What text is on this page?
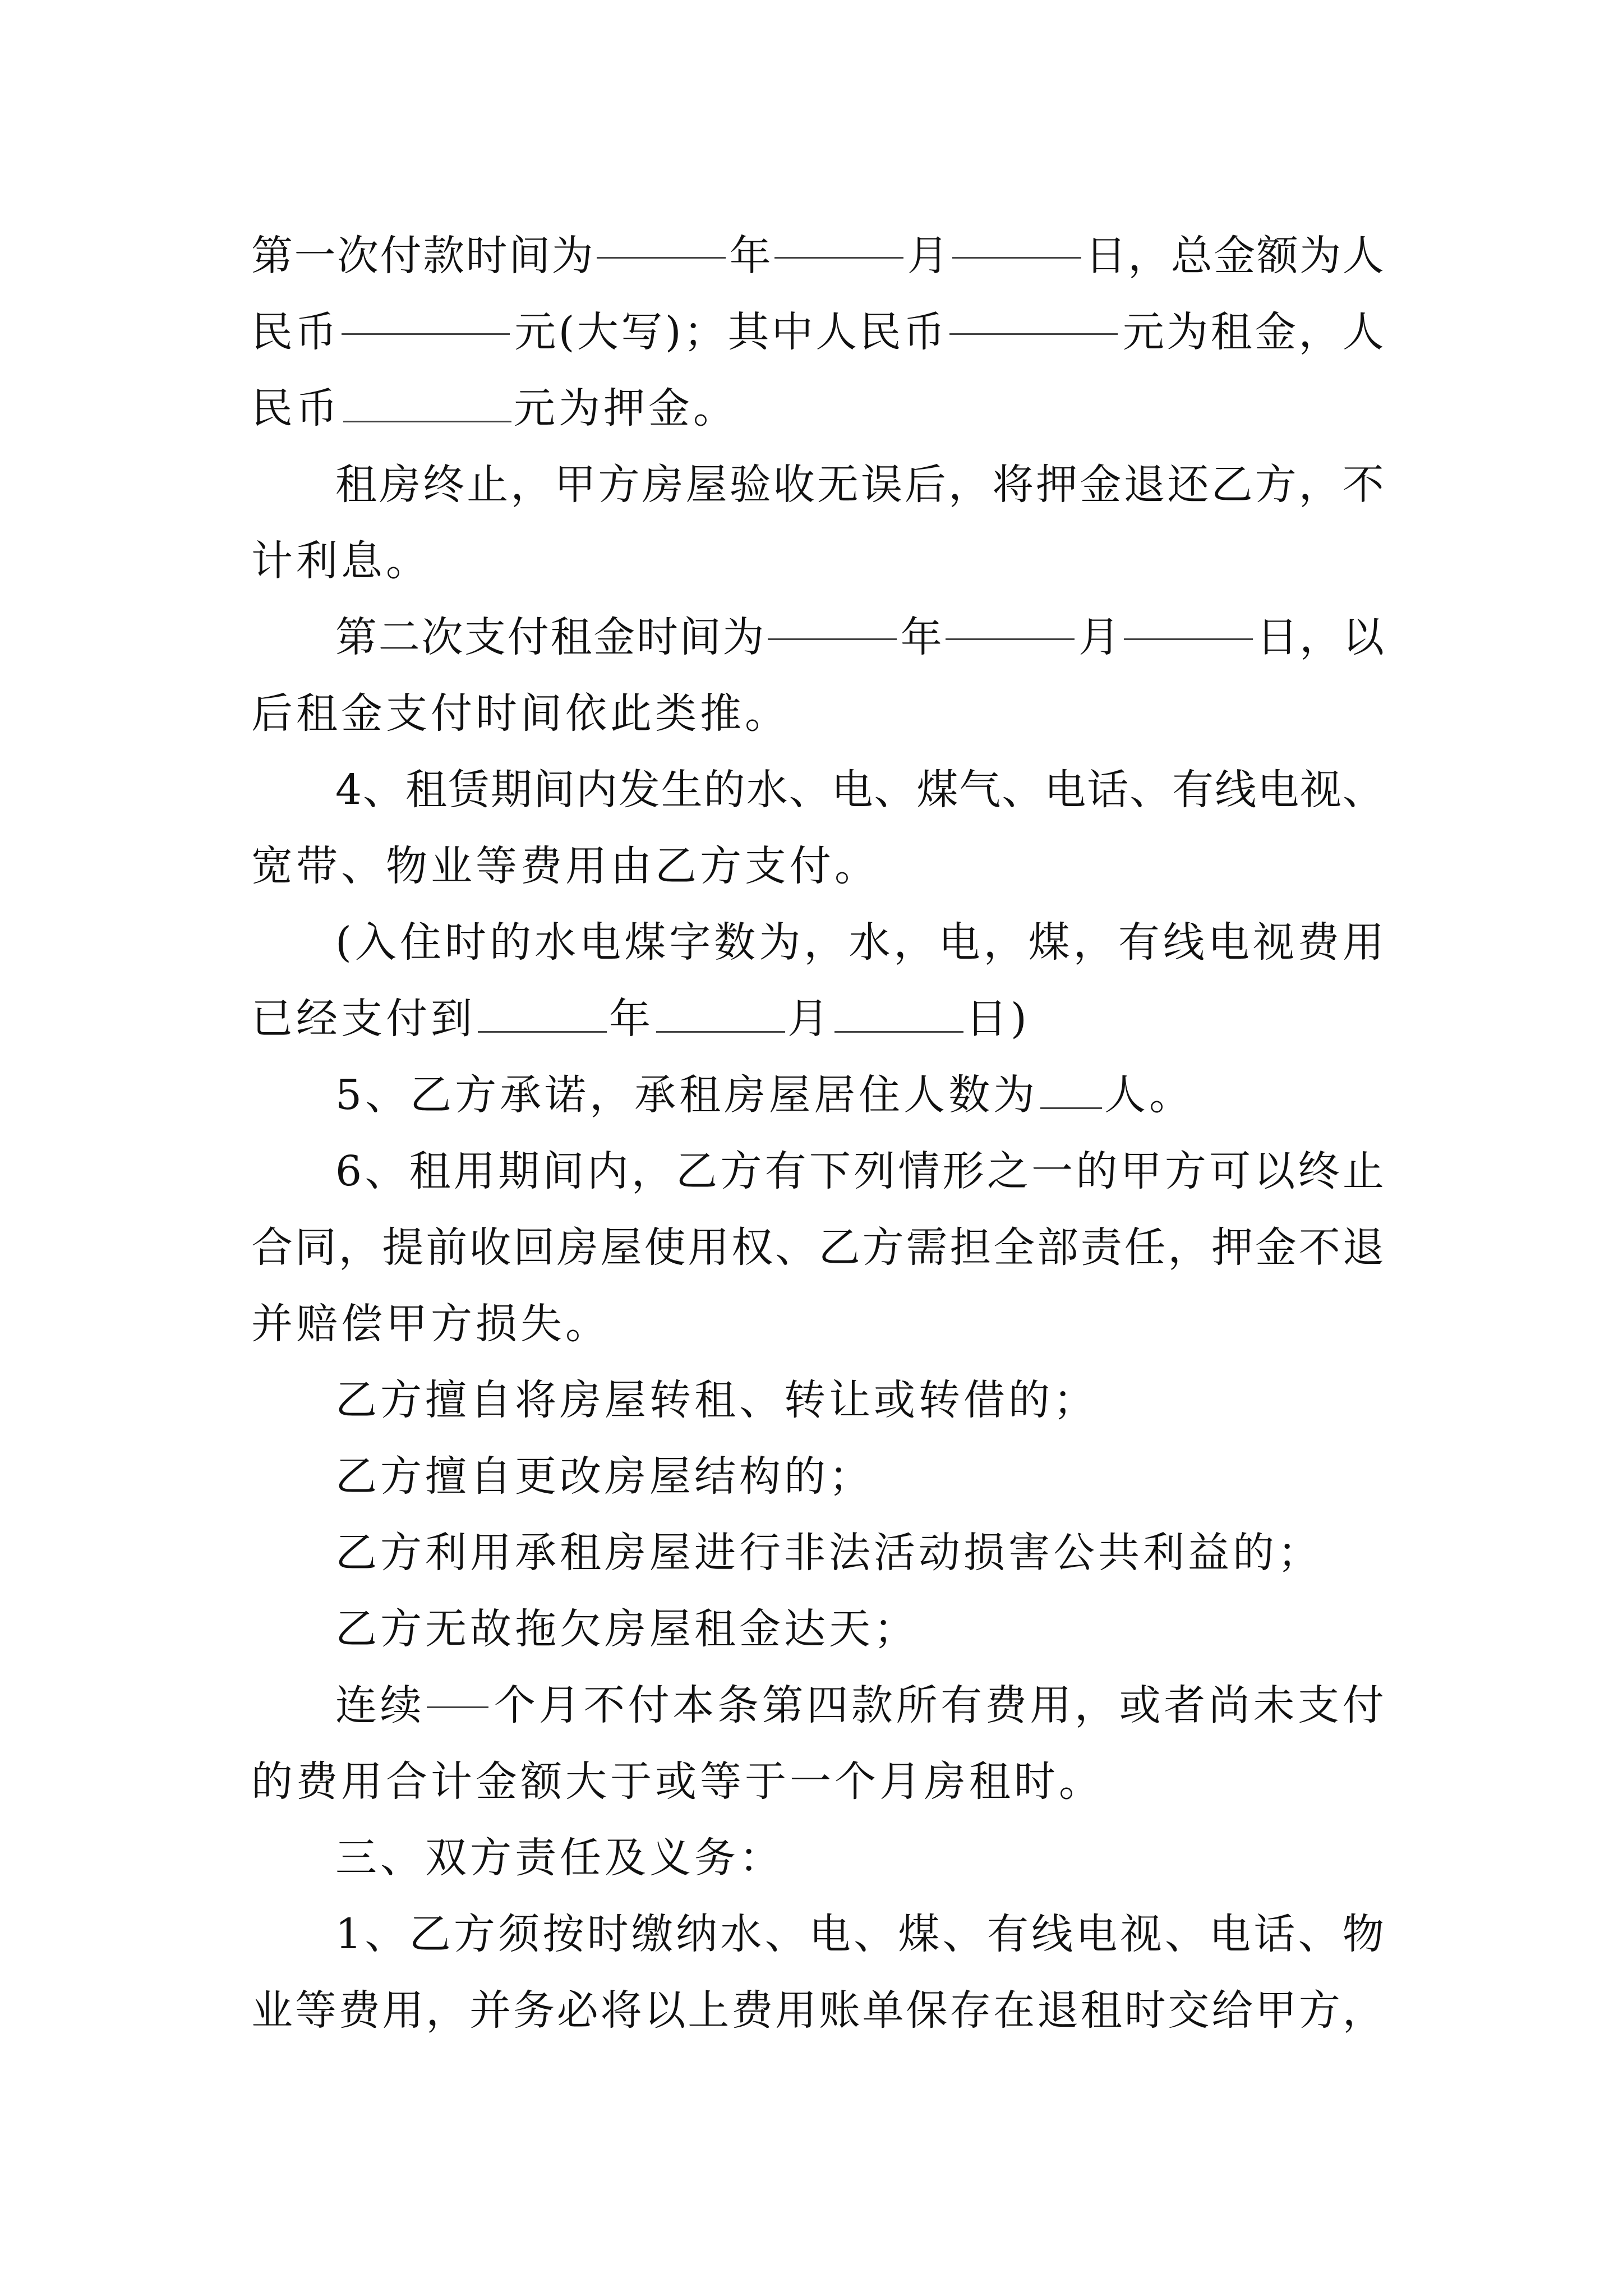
第 一 次 付 款 时 间 为	年	月	日 ， 总 金 额 为 人
民 币	元 ( 大 写 ) ； 其 中 人 民 币	元 为 租 金 ， 人
民币	元为押金。
租 房 终 止 ， 甲 方 房 屋 验 收 无 误 后 ， 将 押 金 退 还 乙 方 ， 不
计利息。
第 二 次 支 付 租 金 时 间 为	年	月	日 ， 以
后租金支付时间依此类推。
4 、 租 赁 期 间 内 发 生 的 水 、 电 、 煤 气 、 电 话 、 有 线 电 视 、
宽带、物业等费用由乙方支付。
( 入 住 时 的 水 电 煤 字 数 为 ， 水 ， 电 ， 煤 ， 有 线 电 视 费 用
已经支付到	年	月	日)
5、乙方承诺，承租房屋居住人数为 人。
6 、 租 用 期 间 内 ， 乙 方 有 下 列 情 形 之 一 的 甲 方 可 以 终 止
合 同 ， 提 前 收 回 房 屋 使 用 权 、 乙 方 需 担 全 部 责 任 ， 押 金 不 退
并赔偿甲方损失。
乙方擅自将房屋转租、转让或转借的；
乙方擅自更改房屋结构的；
乙方利用承租房屋进行非法活动损害公共利益的；
乙方无故拖欠房屋租金达天；
连 续 个 月 不 付 本 条 第 四 款 所 有 费 用 ， 或 者 尚 未 支 付
的费用合计金额大于或等于一个月房租时。
三、双方责任及义务：
1 、 乙 方 须 按 时 缴 纳 水 、 电 、 煤 、 有 线 电 视 、 电 话 、 物
业 等 费 用 ， 并 务 必 将 以 上 费 用 账 单 保 存 在 退 租 时 交 给 甲 方 ，
